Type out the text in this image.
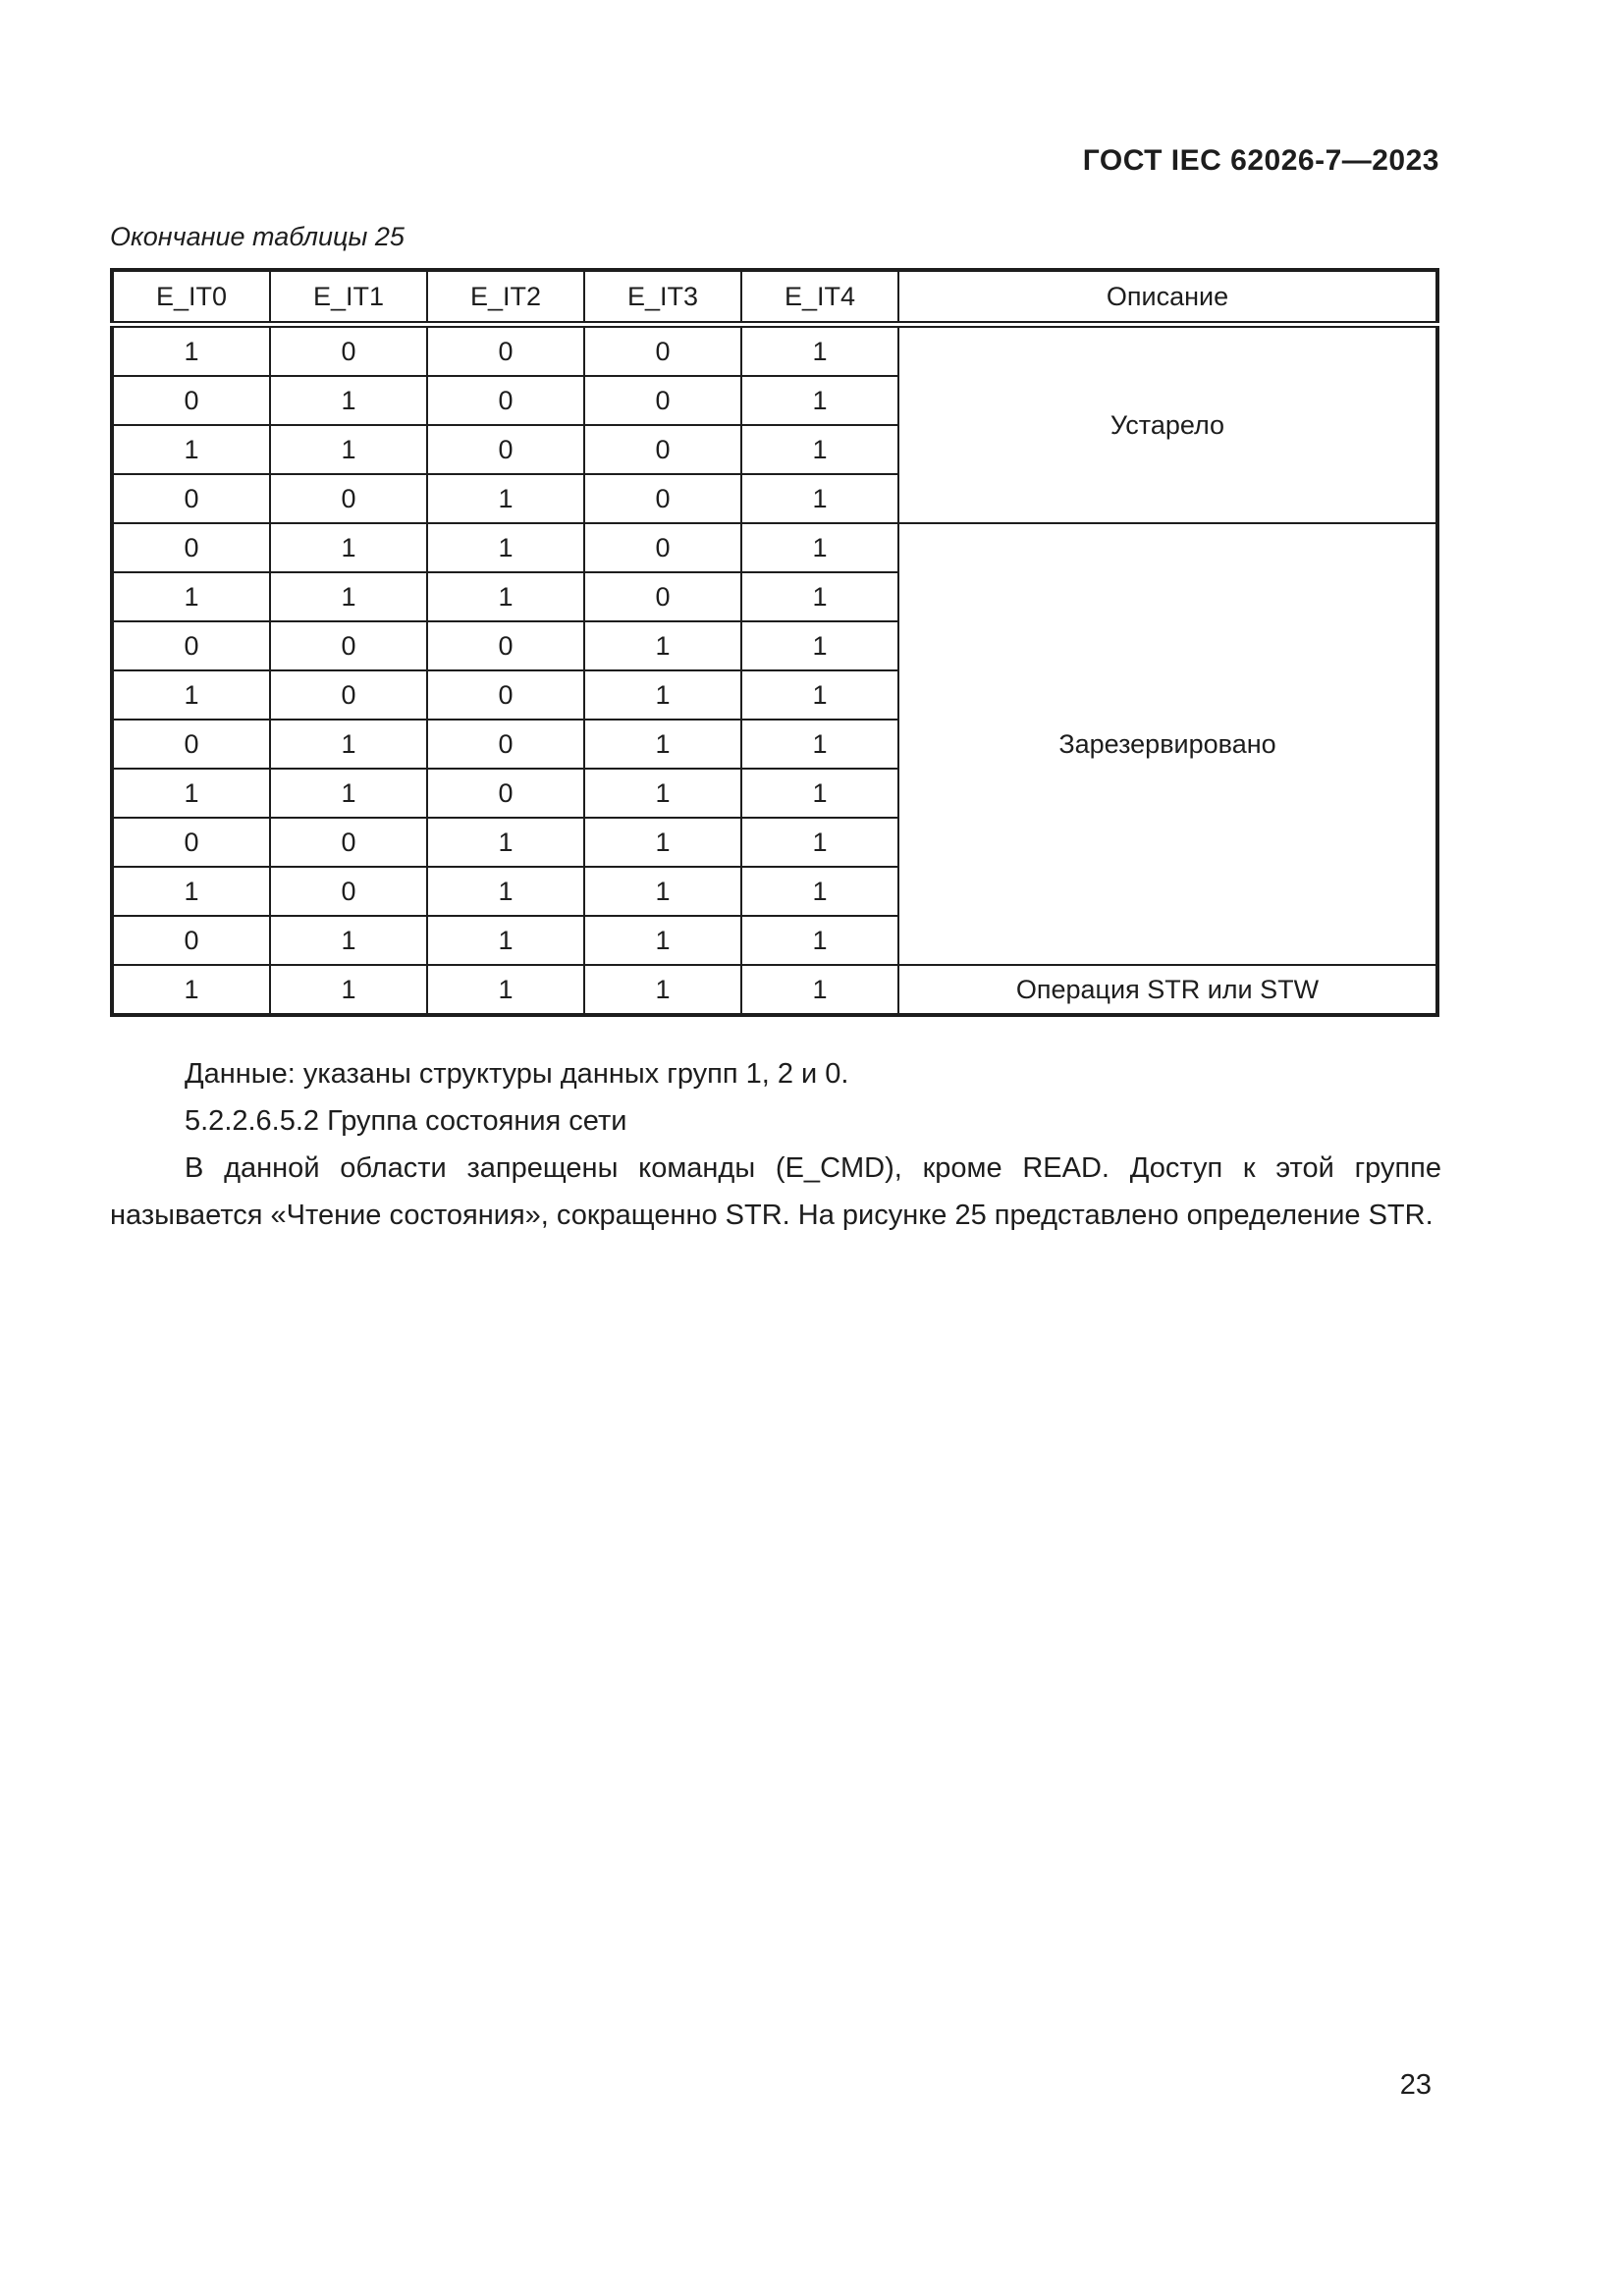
ГОСТ IEC 62026-7—2023
Окончание таблицы 25
E_IT0	E_IT1	E_IT2	E_IT3	E_IT4	Описание
1	0	0	0	1	Устарело
0	1	0	0	1	
1	1	0	0	1	
0	0	1	0	1	
0	1	1	0	1	Зарезервировано
1	1	1	0	1	
0	0	0	1	1	
1	0	0	1	1	
0	1	0	1	1	
1	1	0	1	1	
0	0	1	1	1	
1	0	1	1	1	
0	1	1	1	1	
1	1	1	1	1	Операция STR или STW

Данные: указаны структуры данных групп 1, 2 и 0.

5.2.2.6.5.2 Группа состояния сети

В данной области запрещены команды (E_CMD), кроме READ. Доступ к этой группе называется «Чтение состояния», сокращенно STR. На рисунке 25 представлено определение STR.

23
